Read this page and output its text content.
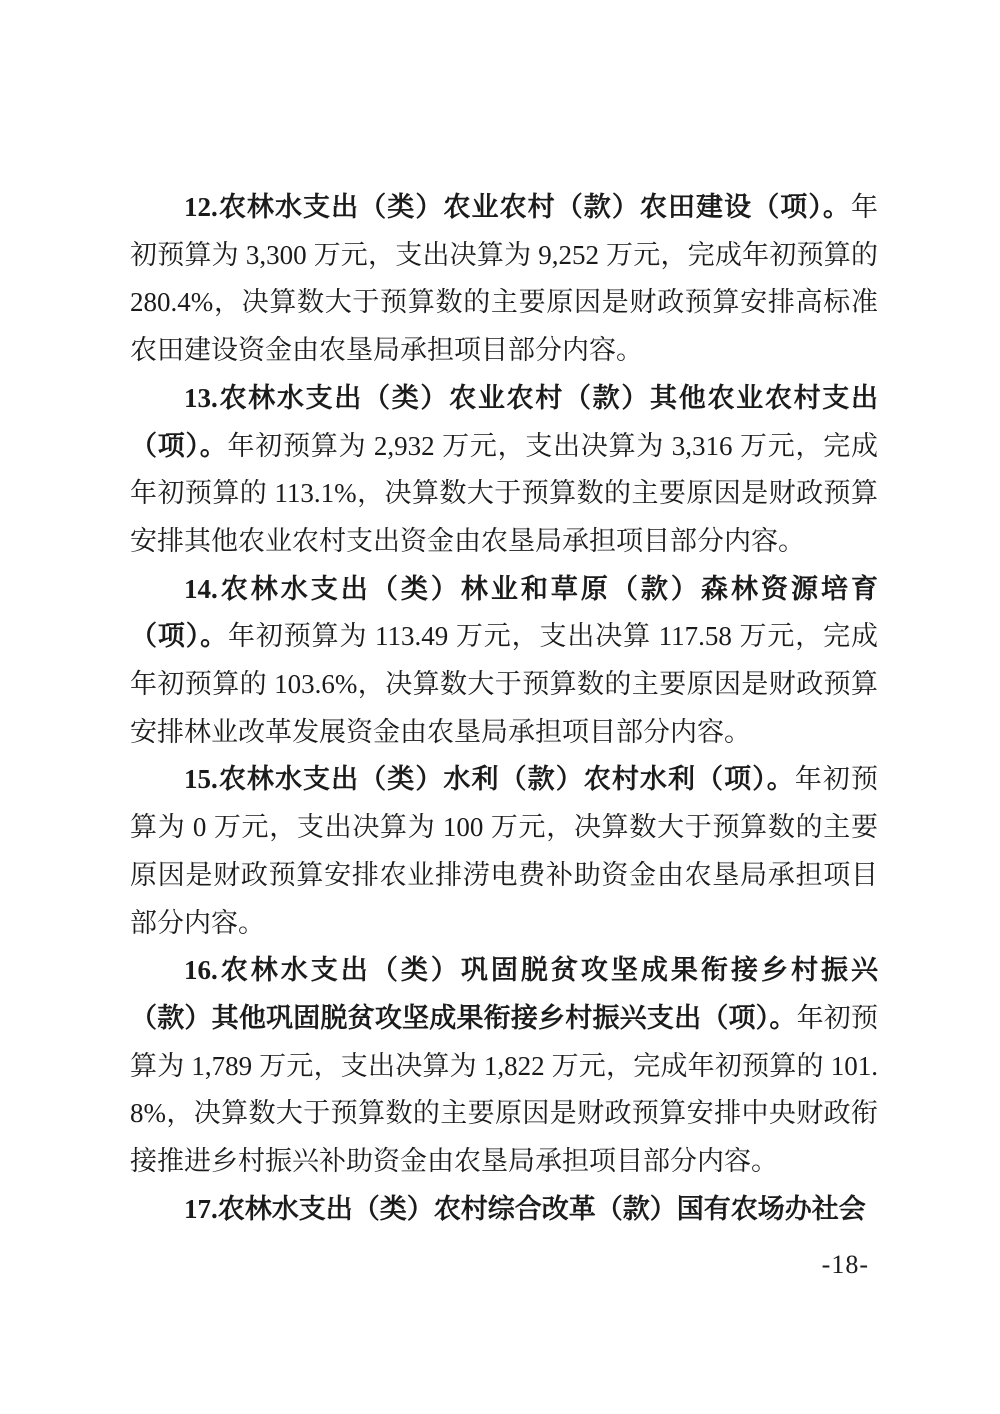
12.农林水支出（类）农业农村（款）农田建设（项）。年初预算为 3,300 万元，支出决算为 9,252 万元，完成年初预算的 280.4%，决算数大于预算数的主要原因是财政预算安排高标准农田建设资金由农垦局承担项目部分内容。

13.农林水支出（类）农业农村（款）其他农业农村支出（项）。年初预算为 2,932 万元，支出决算为 3,316 万元，完成年初预算的 113.1%，决算数大于预算数的主要原因是财政预算安排其他农业农村支出资金由农垦局承担项目部分内容。

14.农林水支出（类）林业和草原（款）森林资源培育（项）。年初预算为 113.49 万元，支出决算 117.58 万元，完成年初预算的 103.6%，决算数大于预算数的主要原因是财政预算安排林业改革发展资金由农垦局承担项目部分内容。

15.农林水支出（类）水利（款）农村水利（项）。年初预算为 0 万元，支出决算为 100 万元，决算数大于预算数的主要原因是财政预算安排农业排涝电费补助资金由农垦局承担项目部分内容。

16.农林水支出（类）巩固脱贫攻坚成果衔接乡村振兴（款）其他巩固脱贫攻坚成果衔接乡村振兴支出（项）。年初预算为 1,789 万元，支出决算为 1,822 万元，完成年初预算的 101.8%，决算数大于预算数的主要原因是财政预算安排中央财政衔接推进乡村振兴补助资金由农垦局承担项目部分内容。

17.农林水支出（类）农村综合改革（款）国有农场办社会

-18-
